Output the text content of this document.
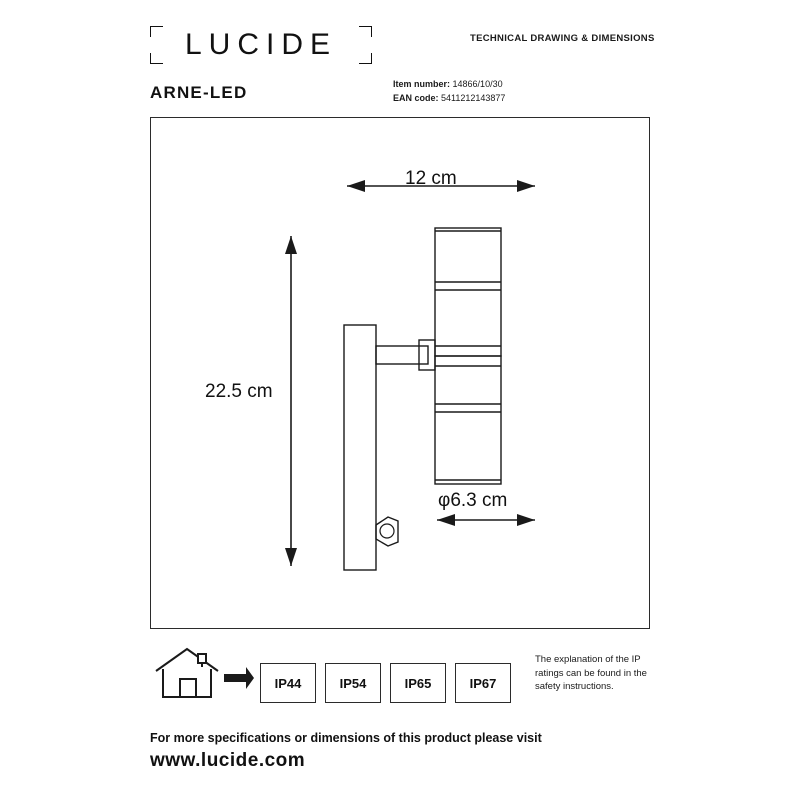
LUCIDE	TECHNICAL DRAWING & DIMENSIONS
ARNE-LED	Item number: 14866/10/30
EAN code: 5411212143877
12 cm
22.5 cm
φ6.3 cm
IP44	IP54	IP65	IP67
The explanation of the IP ratings can be found in the safety instructions.
For more specifications or dimensions of this product please visit
www.lucide.com
